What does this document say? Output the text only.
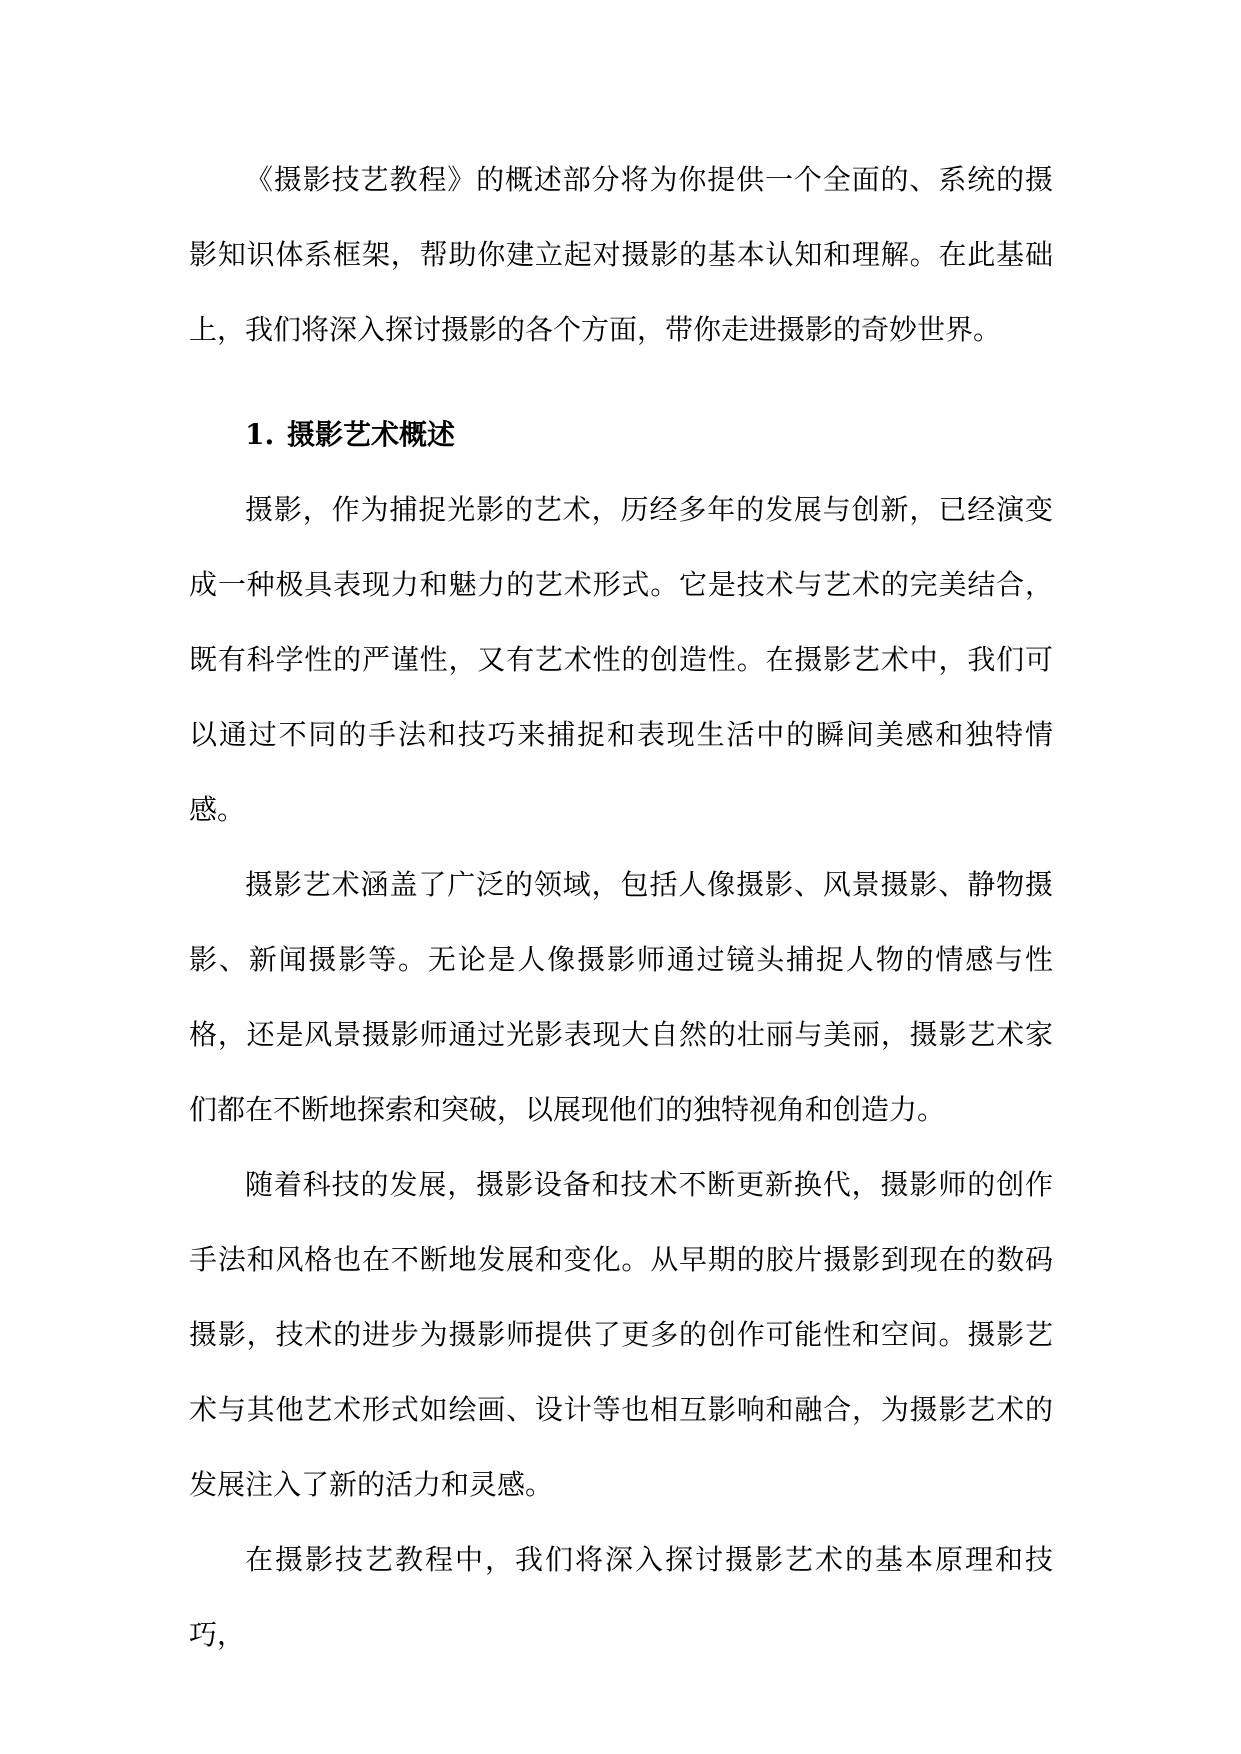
《摄影技艺教程》的概述部分将为你提供一个全面的、系统的摄影知识体系框架，帮助你建立起对摄影的基本认知和理解。在此基础上，我们将深入探讨摄影的各个方面，带你走进摄影的奇妙世界。

1. 摄影艺术概述

摄影，作为捕捉光影的艺术，历经多年的发展与创新，已经演变成一种极具表现力和魅力的艺术形式。它是技术与艺术的完美结合，既有科学性的严谨性，又有艺术性的创造性。在摄影艺术中，我们可以通过不同的手法和技巧来捕捉和表现生活中的瞬间美感和独特情感。

摄影艺术涵盖了广泛的领域，包括人像摄影、风景摄影、静物摄影、新闻摄影等。无论是人像摄影师通过镜头捕捉人物的情感与性格，还是风景摄影师通过光影表现大自然的壮丽与美丽，摄影艺术家们都在不断地探索和突破，以展现他们的独特视角和创造力。

随着科技的发展，摄影设备和技术不断更新换代，摄影师的创作手法和风格也在不断地发展和变化。从早期的胶片摄影到现在的数码摄影，技术的进步为摄影师提供了更多的创作可能性和空间。摄影艺术与其他艺术形式如绘画、设计等也相互影响和融合，为摄影艺术的发展注入了新的活力和灵感。

在摄影技艺教程中，我们将深入探讨摄影艺术的基本原理和技巧，
